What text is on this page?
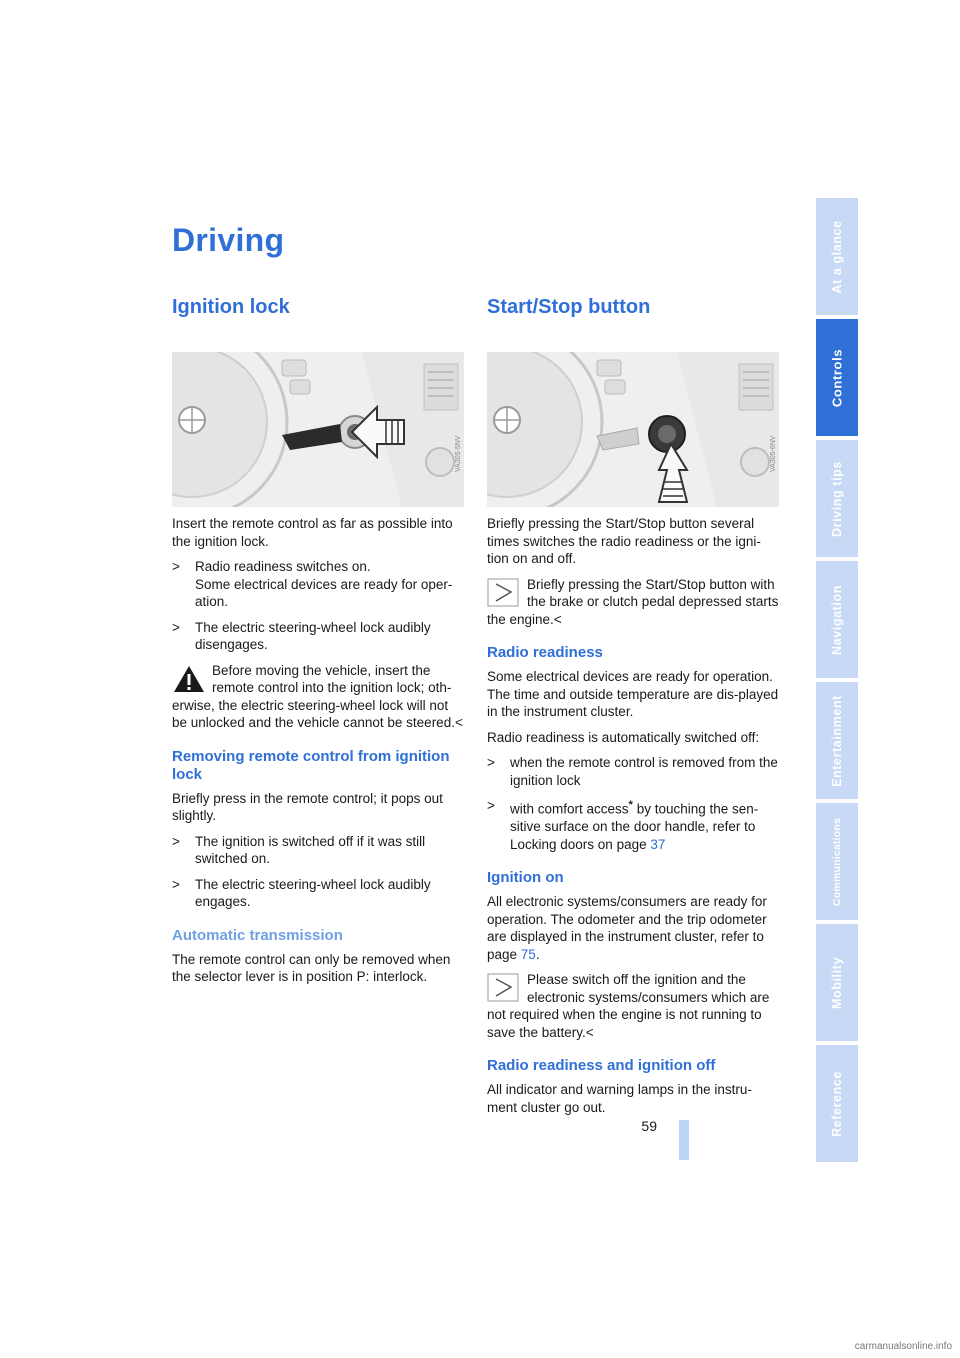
Driving
Ignition lock
VA305-5NV

Insert the remote control as far as possible into the ignition lock.

> Radio readiness switches on.
Some electrical devices are ready for oper-ation.
> The electric steering-wheel lock audibly disengages.
Before moving the vehicle, insert the remote control into the ignition lock; oth-erwise, the electric steering-wheel lock will not be unlocked and the vehicle cannot be steered.<
Removing remote control from ignition lock

Briefly press in the remote control; it pops out slightly.

> The ignition is switched off if it was still switched on.
> The electric steering-wheel lock audibly engages.
Automatic transmission

The remote control can only be removed when the selector lever is in position P: interlock.

Start/Stop button
VA305-6NV

Briefly pressing the Start/Stop button several times switches the radio readiness or the igni-tion on and off.

Briefly pressing the Start/Stop button with the brake or clutch pedal depressed starts the engine.<
Radio readiness

Some electrical devices are ready for operation. The time and outside temperature are dis-played in the instrument cluster.

Radio readiness is automatically switched off:

> when the remote control is removed from the ignition lock
> with comfort access* by touching the sen-sitive surface on the door handle, refer to Locking doors on page 37
Ignition on

All electronic systems/consumers are ready for operation. The odometer and the trip odometer are displayed in the instrument cluster, refer to page 75.

Please switch off the ignition and the electronic systems/consumers which are not required when the engine is not running to save the battery.<
Radio readiness and ignition off

All indicator and warning lamps in the instru-ment cluster go out.

59
At a glance
Controls
Driving tips
Navigation
Entertainment
Communications
Mobility
Reference
carmanualsonline.info
